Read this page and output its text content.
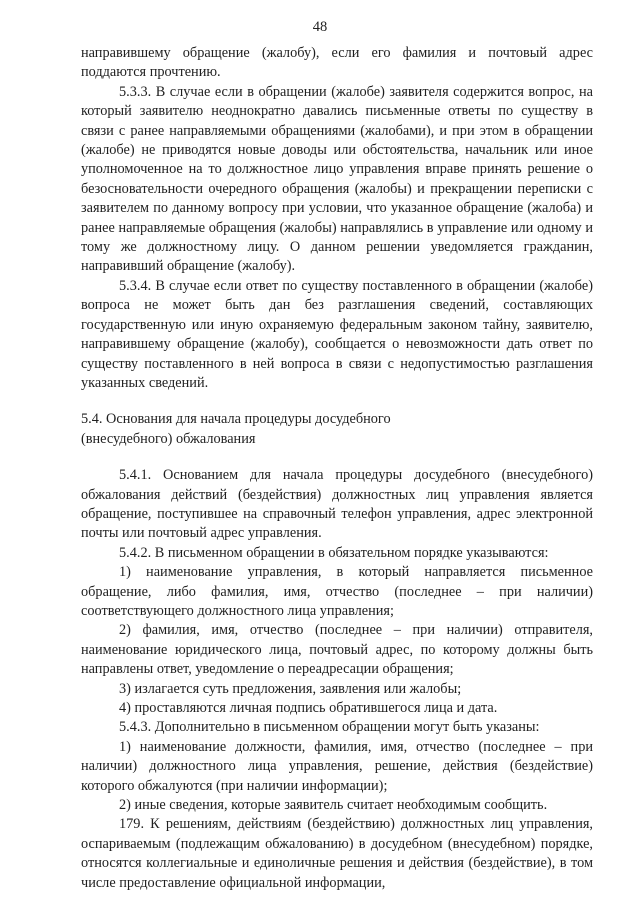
48

направившему обращение (жалобу), если его фамилия и почтовый адрес поддаются прочтению.

5.3.3. В случае если в обращении (жалобе) заявителя содержится вопрос, на который заявителю неоднократно давались письменные ответы по существу в связи с ранее направляемыми обращениями (жалобами), и при этом в обращении (жалобе) не приводятся новые доводы или обстоятельства, начальник или иное уполномоченное на то должностное лицо управления вправе принять решение о безосновательности очередного обращения (жалобы) и прекращении переписки с заявителем по данному вопросу при условии, что указанное обращение (жалоба) и ранее направляемые обращения (жалобы) направлялись в управление или одному и тому же должностному лицу. О данном решении уведомляется гражданин, направивший обращение (жалобу).

5.3.4. В случае если ответ по существу поставленного в обращении (жалобе) вопроса не может быть дан без разглашения сведений, составляющих государственную или иную охраняемую федеральным законом тайну, заявителю, направившему обращение (жалобу), сообщается о невозможности дать ответ по существу поставленного в ней вопроса в связи с недопустимостью разглашения указанных сведений.

5.4. Основания для начала процедуры досудебного

(внесудебного) обжалования

5.4.1. Основанием для начала процедуры досудебного (внесудебного) обжалования действий (бездействия) должностных лиц управления является обращение, поступившее на справочный телефон управления, адрес электронной почты или почтовый адрес управления.

5.4.2. В письменном обращении в обязательном порядке указываются:

1) наименование управления, в который направляется письменное обращение, либо фамилия, имя, отчество (последнее – при наличии) соответствующего должностного лица управления;

2) фамилия, имя, отчество (последнее – при наличии) отправителя, наименование юридического лица, почтовый адрес, по которому должны быть направлены ответ, уведомление о переадресации обращения;

3) излагается суть предложения, заявления или жалобы;

4) проставляются личная подпись обратившегося лица и дата.

5.4.3. Дополнительно в письменном обращении могут быть указаны:

1) наименование должности, фамилия, имя, отчество (последнее – при наличии) должностного лица управления, решение, действия (бездействие) которого обжалуются (при наличии информации);

2) иные сведения, которые заявитель считает необходимым сообщить.

179. К решениям, действиям (бездействию) должностных лиц управления, оспариваемым (подлежащим обжалованию) в досудебном (внесудебном) порядке, относятся коллегиальные и единоличные решения и действия (бездействие), в том числе предоставление официальной информации,
